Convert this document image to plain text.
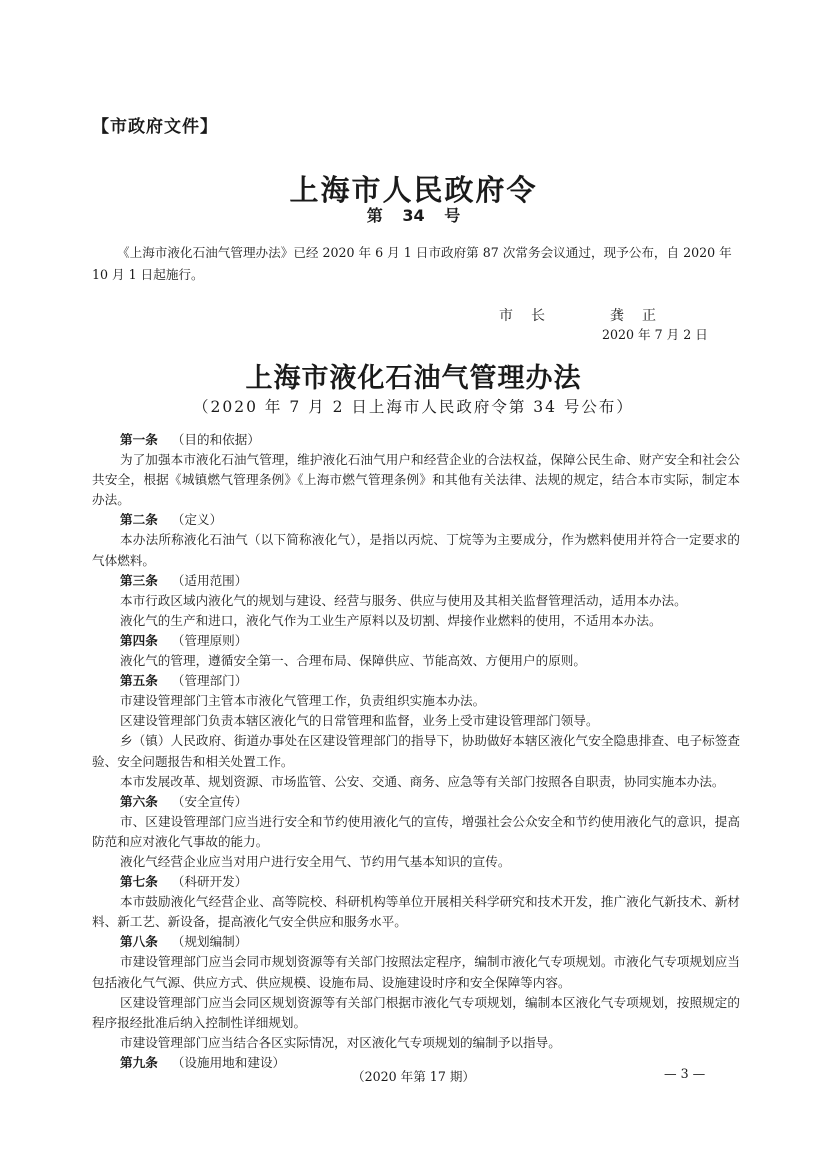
【市政府文件】
上海市人民政府令
第 34 号
《上海市液化石油气管理办法》已经 2020 年 6 月 1 日市政府第 87 次常务会议通过，现予公布，自 2020 年 10 月 1 日起施行。
市长	龚正
2020 年 7 月 2 日
上海市液化石油气管理办法
（2020 年 7 月 2 日上海市人民政府令第 34 号公布）
第一条 （目的和依据）
为了加强本市液化石油气管理，维护液化石油气用户和经营企业的合法权益，保障公民生命、财产安全和社会公共安全，根据《城镇燃气管理条例》《上海市燃气管理条例》和其他有关法律、法规的规定，结合本市实际，制定本办法。
第二条 （定义）
本办法所称液化石油气（以下简称液化气），是指以丙烷、丁烷等为主要成分，作为燃料使用并符合一定要求的气体燃料。
第三条 （适用范围）
本市行政区域内液化气的规划与建设、经营与服务、供应与使用及其相关监督管理活动，适用本办法。
液化气的生产和进口，液化气作为工业生产原料以及切割、焊接作业燃料的使用，不适用本办法。
第四条 （管理原则）
液化气的管理，遵循安全第一、合理布局、保障供应、节能高效、方便用户的原则。
第五条 （管理部门）
市建设管理部门主管本市液化气管理工作，负责组织实施本办法。
区建设管理部门负责本辖区液化气的日常管理和监督，业务上受市建设管理部门领导。
乡（镇）人民政府、街道办事处在区建设管理部门的指导下，协助做好本辖区液化气安全隐患排查、电子标签查验、安全问题报告和相关处置工作。
本市发展改革、规划资源、市场监管、公安、交通、商务、应急等有关部门按照各自职责，协同实施本办法。
第六条 （安全宣传）
市、区建设管理部门应当进行安全和节约使用液化气的宣传，增强社会公众安全和节约使用液化气的意识，提高防范和应对液化气事故的能力。
液化气经营企业应当对用户进行安全用气、节约用气基本知识的宣传。
第七条 （科研开发）
本市鼓励液化气经营企业、高等院校、科研机构等单位开展相关科学研究和技术开发，推广液化气新技术、新材料、新工艺、新设备，提高液化气安全供应和服务水平。
第八条 （规划编制）
市建设管理部门应当会同市规划资源等有关部门按照法定程序，编制市液化气专项规划。市液化气专项规划应当包括液化气气源、供应方式、供应规模、设施布局、设施建设时序和安全保障等内容。
区建设管理部门应当会同区规划资源等有关部门根据市液化气专项规划，编制本区液化气专项规划，按照规定的程序报经批准后纳入控制性详细规划。
市建设管理部门应当结合各区实际情况，对区液化气专项规划的编制予以指导。
第九条 （设施用地和建设）
（2020 年第 17 期）	— 3 —
